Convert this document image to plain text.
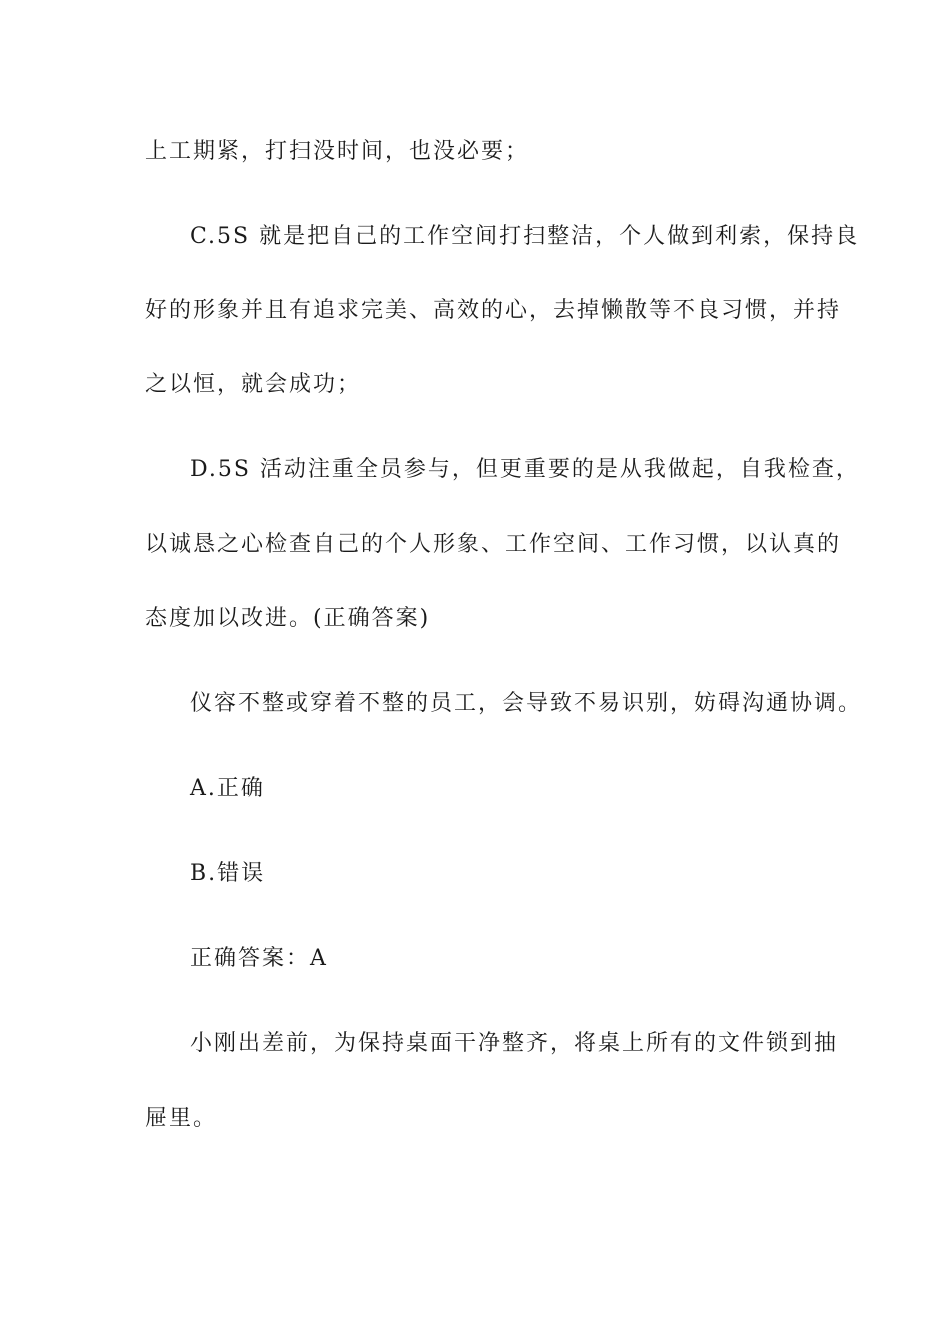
上工期紧，打扫没时间，也没必要；
C.5S 就是把自己的工作空间打扫整洁，个人做到利索，保持良
好的形象并且有追求完美、高效的心，去掉懒散等不良习惯，并持
之以恒，就会成功；
D.5S 活动注重全员参与，但更重要的是从我做起，自我检查，
以诚恳之心检查自己的个人形象、工作空间、工作习惯，以认真的
态度加以改进。(正确答案)
仪容不整或穿着不整的员工，会导致不易识别，妨碍沟通协调。
A.正确
B.错误
正确答案：A
小刚出差前，为保持桌面干净整齐，将桌上所有的文件锁到抽
屉里。
